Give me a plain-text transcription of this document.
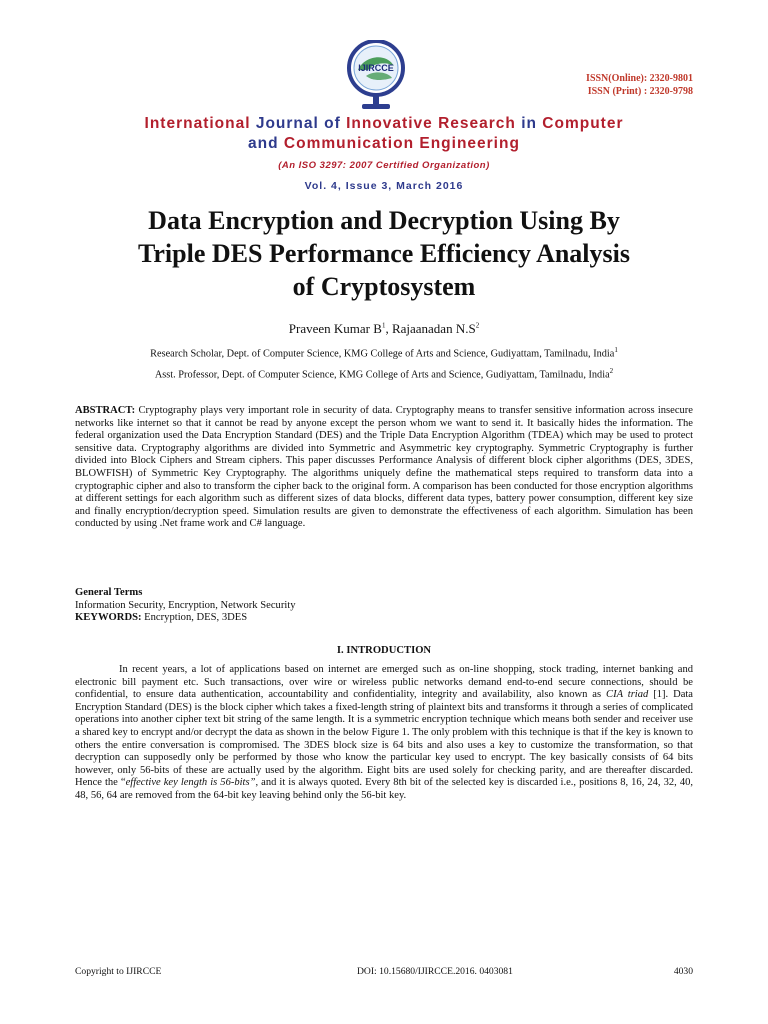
IJIRCCE
ISSN(Online): 2320-9801
ISSN (Print) : 2320-9798
International Journal of Innovative Research in Computer
and Communication Engineering
(An ISO 3297: 2007 Certified Organization)
Vol. 4, Issue 3, March 2016
Data Encryption and Decryption Using By
Triple DES Performance Efficiency Analysis
of Cryptosystem
Praveen Kumar $B^1$, Rajaanadan $N.S^2$
Research Scholar, Dept. of Computer Science, KMG College of Arts and Science, Gudiyattam, Tamilnadu, India$^1$
Asst. Professor, Dept. of Computer Science, KMG College of Arts and Science, Gudiyattam, Tamilnadu, India$^2$
ABSTRACT: Cryptography plays very important role in security of data. Cryptography means to transfer sensitive information across insecure networks like internet so that it cannot be read by anyone except the person whom we want to send it. It basically hides the information. The federal organization used the Data Encryption Standard (DES) and the Triple Data Encryption Algorithm (TDEA) which may be used to protect sensitive data. Cryptography algorithms are divided into Symmetric and Asymmetric key cryptography. Symmetric Cryptography is further divided into Block Ciphers and Stream ciphers. This paper discusses Performance Analysis of different block cipher algorithms (DES, 3DES, BLOWFISH) of Symmetric Key Cryptography. The algorithms uniquely define the mathematical steps required to transform data into a cryptographic cipher and also to transform the cipher back to the original form. A comparison has been conducted for those encryption algorithms at different settings for each algorithm such as different sizes of data blocks, different data types, battery power consumption, different key size and finally encryption/decryption speed. Simulation results are given to demonstrate the effectiveness of each algorithm. Simulation has been conducted by using .Net frame work and C# language.
General Terms
Information Security, Encryption, Network Security
KEYWORDS: Encryption, DES, 3DES
I. INTRODUCTION
In recent years, a lot of applications based on internet are emerged such as on-line shopping, stock trading, internet banking and electronic bill payment etc. Such transactions, over wire or wireless public networks demand end-to-end secure connections, should be confidential, to ensure data authentication, accountability and confidentiality, integrity and availability, also known as CIA triad [1]. Data Encryption Standard (DES) is the block cipher which takes a fixed-length string of plaintext bits and transforms it through a series of complicated operations into another cipher text bit string of the same length. It is a symmetric encryption technique which means both sender and receiver use a shared key to encrypt and/or decrypt the data as shown in the below Figure 1. The only problem with this technique is that if the key is known to others the entire conversation is compromised. The 3DES block size is 64 bits and also uses a key to customize the transformation, so that decryption can supposedly only be performed by those who know the particular key used to encrypt. The key basically consists of 64 bits however, only 56-bits of these are actually used by the algorithm. Eight bits are used solely for checking parity, and are thereafter discarded. Hence the “effective key length is 56-bits”, and it is always quoted. Every 8th bit of the selected key is discarded i.e., positions 8, 16, 24, 32, 40, 48, 56, 64 are removed from the 64-bit key leaving behind only the 56-bit key.
Copyright to IJIRCCE	DOI: 10.15680/IJIRCCE.2016. 0403081	4030
